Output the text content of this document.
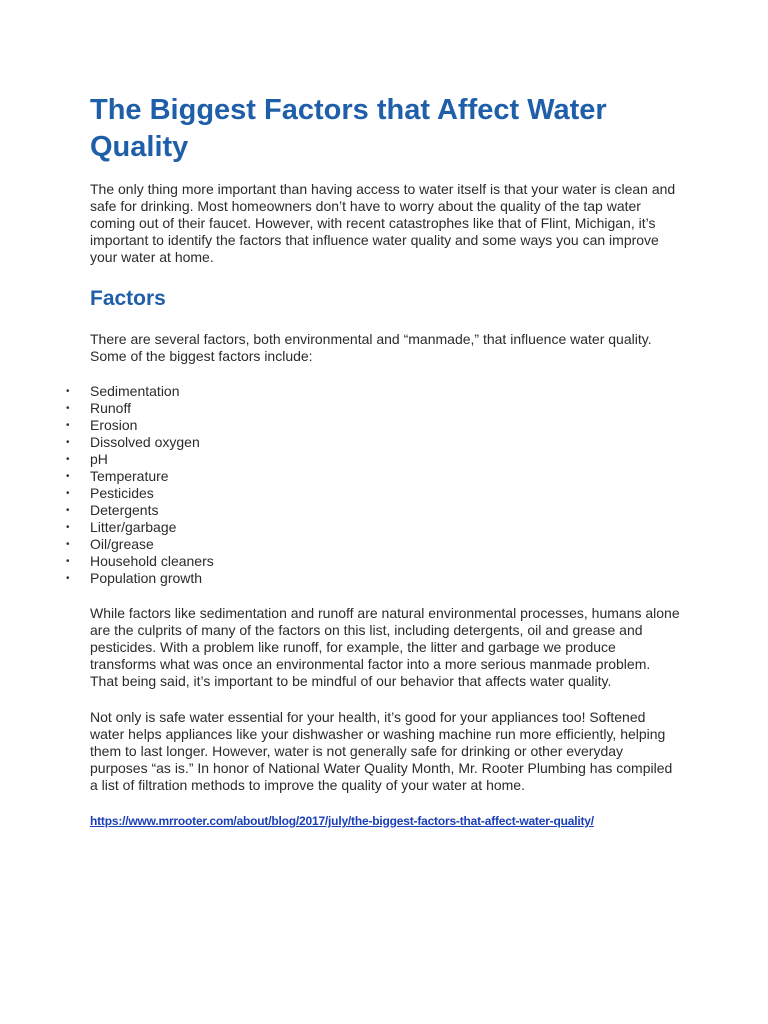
The Biggest Factors that Affect Water Quality

The only thing more important than having access to water itself is that your water is clean and safe for drinking. Most homeowners don’t have to worry about the quality of the tap water coming out of their faucet. However, with recent catastrophes like that of Flint, Michigan, it’s important to identify the factors that influence water quality and some ways you can improve your water at home.

Factors

There are several factors, both environmental and “manmade,” that influence water quality. Some of the biggest factors include:

• Sedimentation
• Runoff
• Erosion
• Dissolved oxygen
• pH
• Temperature
• Pesticides
• Detergents
• Litter/garbage
• Oil/grease
• Household cleaners
• Population growth

While factors like sedimentation and runoff are natural environmental processes, humans alone are the culprits of many of the factors on this list, including detergents, oil and grease and pesticides. With a problem like runoff, for example, the litter and garbage we produce transforms what was once an environmental factor into a more serious manmade problem. That being said, it’s important to be mindful of our behavior that affects water quality.

Not only is safe water essential for your health, it’s good for your appliances too! Softened water helps appliances like your dishwasher or washing machine run more efficiently, helping them to last longer. However, water is not generally safe for drinking or other everyday purposes “as is.” In honor of National Water Quality Month, Mr. Rooter Plumbing has compiled a list of filtration methods to improve the quality of your water at home.

https://www.mrrooter.com/about/blog/2017/july/the-biggest-factors-that-affect-water-quality/
